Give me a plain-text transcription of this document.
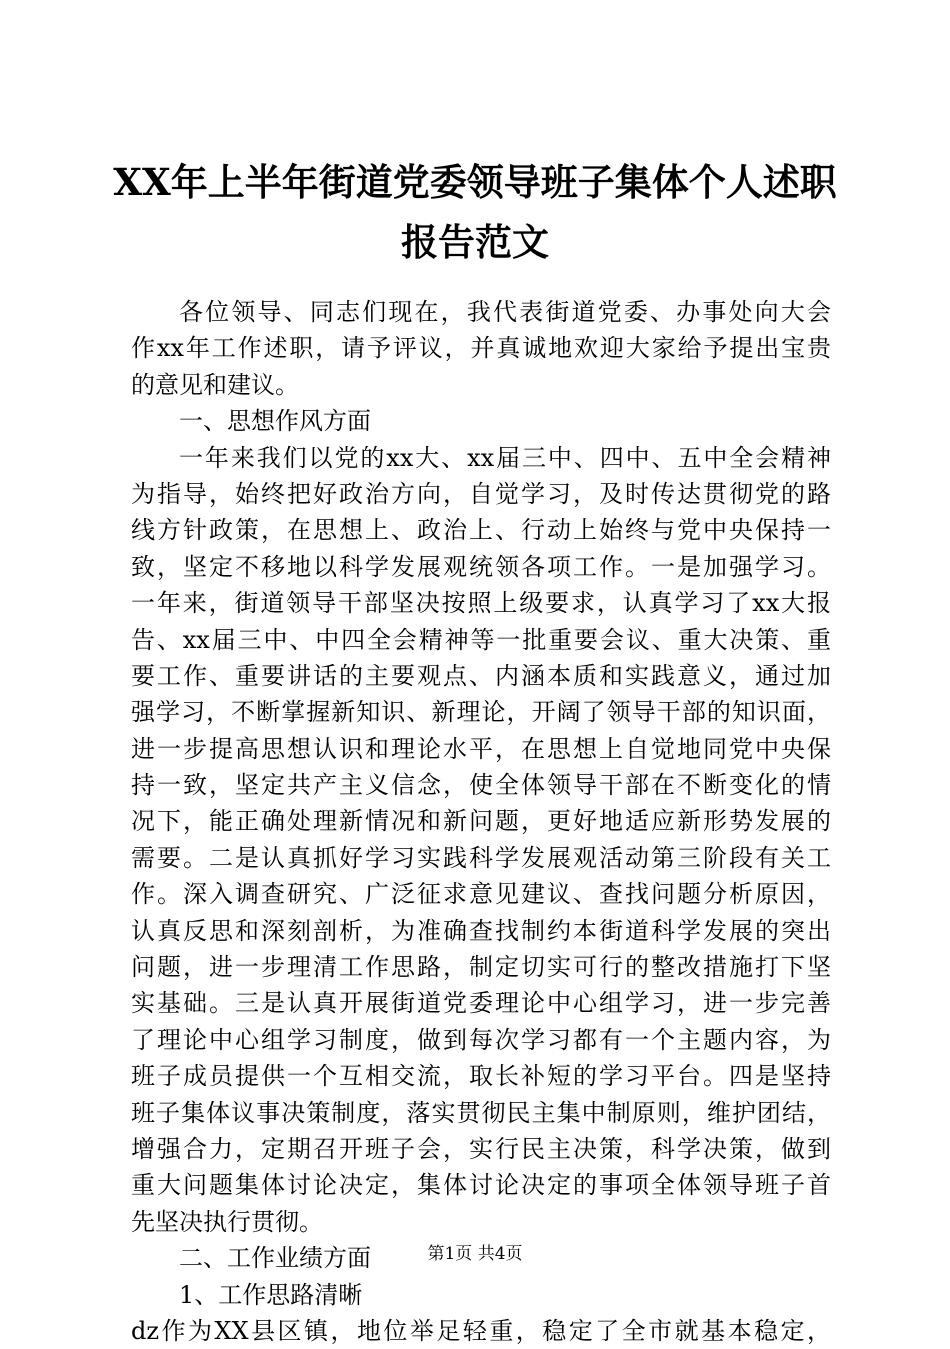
XX年上半年街道党委领导班子集体个人述职
报告范文
各位领导、同志们现在，我代表街道党委、办事处向大会
作xx年工作述职，请予评议，并真诚地欢迎大家给予提出宝贵
的意见和建议。
一、思想作风方面
一年来我们以党的xx大、xx届三中、四中、五中全会精神
为指导，始终把好政治方向，自觉学习，及时传达贯彻党的路
线方针政策，在思想上、政治上、行动上始终与党中央保持一
致，坚定不移地以科学发展观统领各项工作。一是加强学习。
一年来，街道领导干部坚决按照上级要求，认真学习了xx大报
告、xx届三中、中四全会精神等一批重要会议、重大决策、重
要工作、重要讲话的主要观点、内涵本质和实践意义，通过加
强学习，不断掌握新知识、新理论，开阔了领导干部的知识面，
进一步提高思想认识和理论水平，在思想上自觉地同党中央保
持一致，坚定共产主义信念，使全体领导干部在不断变化的情
况下，能正确处理新情况和新问题，更好地适应新形势发展的
需要。二是认真抓好学习实践科学发展观活动第三阶段有关工
作。深入调查研究、广泛征求意见建议、查找问题分析原因，
认真反思和深刻剖析，为准确查找制约本街道科学发展的突出
问题，进一步理清工作思路，制定切实可行的整改措施打下坚
实基础。三是认真开展街道党委理论中心组学习，进一步完善
了理论中心组学习制度，做到每次学习都有一个主题内容，为
班子成员提供一个互相交流，取长补短的学习平台。四是坚持
班子集体议事决策制度，落实贯彻民主集中制原则，维护团结，
增强合力，定期召开班子会，实行民主决策，科学决策，做到
重大问题集体讨论决定，集体讨论决定的事项全体领导班子首
先坚决执行贯彻。
二、工作业绩方面
1、工作思路清晰
dz作为XX县区镇，地位举足轻重，稳定了全市就基本稳定，
第1页 共4页
